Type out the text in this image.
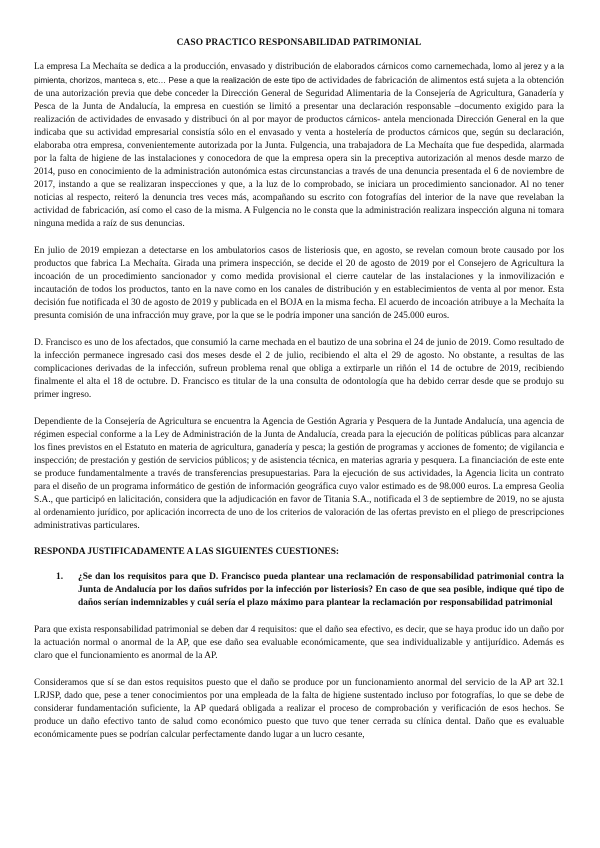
CASO PRACTICO RESPONSABILIDAD PATRIMONIAL

La empresa La Mechaíta se dedica a la producción, envasado y distribución de elaborados cárnicos como carnemechada, lomo al jerez y a la pimienta, chorizos, manteca s, etc… Pese a que la realización de este tipo de actividades de fabricación de alimentos está sujeta a la obtención de una autorización previa que debe conceder la Dirección General de Seguridad Alimentaria de la Consejería de Agricultura, Ganadería y Pesca de la Junta de Andalucía, la empresa en cuestión se limitó a presentar una declaración responsable –documento exigido para la realización de actividades de envasado y distribuci ón al por mayor de productos cárnicos- antela mencionada Dirección General en la que indicaba que su actividad empresarial consistía sólo en el envasado y venta a hostelería de productos cárnicos que, según su declaración, elaboraba otra empresa, convenientemente autorizada por la Junta. Fulgencia, una trabajadora de La Mechaíta que fue despedida, alarmada por la falta de higiene de las instalaciones y conocedora de que la empresa opera sin la preceptiva autorización al menos desde marzo de 2014, puso en conocimiento de la administración autonómica estas circunstancias a través de una denuncia presentada el 6 de noviembre de 2017, instando a que se realizaran inspecciones y que, a la luz de lo comprobado, se iniciara un procedimiento sancionador. Al no tener noticias al respecto, reiteró la denuncia tres veces más, acompañando su escrito con fotografías del interior de la nave que revelaban la actividad de fabricación, así como el caso de la misma. A Fulgencia no le consta que la administración realizara inspección alguna ni tomara ninguna medida a raíz de sus denuncias.

En julio de 2019 empiezan a detectarse en los ambulatorios casos de listeriosis que, en agosto, se revelan comoun brote causado por los productos que fabrica La Mechaíta. Girada una primera inspección, se decide el 20 de agosto de 2019 por el Consejero de Agricultura la incoación de un procedimiento sancionador y como medida provisional el cierre cautelar de las instalaciones y la inmovilización e incautación de todos los productos, tanto en la nave como en los canales de distribución y en establecimientos de venta al por menor. Esta decisión fue notificada el 30 de agosto de 2019 y publicada en el BOJA en la misma fecha. El acuerdo de incoación atribuye a la Mechaíta la presunta comisión de una infracción muy grave, por la que se le podría imponer una sanción de 245.000 euros.

D. Francisco es uno de los afectados, que consumió la carne mechada en el bautizo de una sobrina el 24 de junio de 2019. Como resultado de la infección permanece ingresado casi dos meses desde el 2 de julio, recibiendo el alta el 29 de agosto. No obstante, a resultas de las complicaciones derivadas de la infección, sufreun problema renal que obliga a extirparle un riñón el 14 de octubre de 2019, recibiendo finalmente el alta el 18 de octubre. D. Francisco es titular de la una consulta de odontología que ha debido cerrar desde que se produjo su primer ingreso.

Dependiente de la Consejería de Agricultura se encuentra la Agencia de Gestión Agraria y Pesquera de la Juntade Andalucía, una agencia de régimen especial conforme a la Ley de Administración de la Junta de Andalucía, creada para la ejecución de políticas públicas para alcanzar los fines previstos en el Estatuto en materia de agricultura, ganadería y pesca; la gestión de programas y acciones de fomento; de vigilancia e inspección; de prestación y gestión de servicios públicos; y de asistencia técnica, en materias agraria y pesquera. La financiación de este ente se produce fundamentalmente a través de transferencias presupuestarias. Para la ejecución de sus actividades, la Agencia licita un contrato para el diseño de un programa informático de gestión de información geográfica cuyo valor estimado es de 98.000 euros. La empresa Geolia S.A., que participó en lalicitación, considera que la adjudicación en favor de Titania S.A., notificada el 3 de septiembre de 2019, no se ajusta al ordenamiento jurídico, por aplicación incorrecta de uno de los criterios de valoración de las ofertas previsto en el pliego de prescripciones administrativas particulares.

RESPONDA JUSTIFICADAMENTE A LAS SIGUIENTES CUESTIONES:
1.	¿Se dan los requisitos para que D. Francisco pueda plantear una reclamación de responsabilidad patrimonial contra la Junta de Andalucía por los daños sufridos por la infección por listeriosis? En caso de que sea posible, indique qué tipo de daños serían indemnizables y cuál sería el plazo máximo para plantear la reclamación por responsabilidad patrimonial

Para que exista responsabilidad patrimonial se deben dar 4 requisitos: que el daño sea efectivo, es decir, que se haya produc ido un daño por la actuación normal o anormal de la AP, que ese daño sea evaluable económicamente, que sea individualizable y antijurídico. Además es claro que el funcionamiento es anormal de la AP.

Consideramos que sí se dan estos requisitos puesto que el daño se produce por un funcionamiento anormal del servicio de la AP art 32.1 LRJSP, dado que, pese a tener conocimientos por una empleada de la falta de higiene sustentado incluso por fotografías, lo que se debe de considerar fundamentación suficiente, la AP quedará obligada a realizar el proceso de comprobación y verificación de esos hechos. Se produce un daño efectivo tanto de salud como económico puesto que tuvo que tener cerrada su clínica dental. Daño que es evaluable económicamente pues se podrían calcular perfectamente dando lugar a un lucro cesante,
